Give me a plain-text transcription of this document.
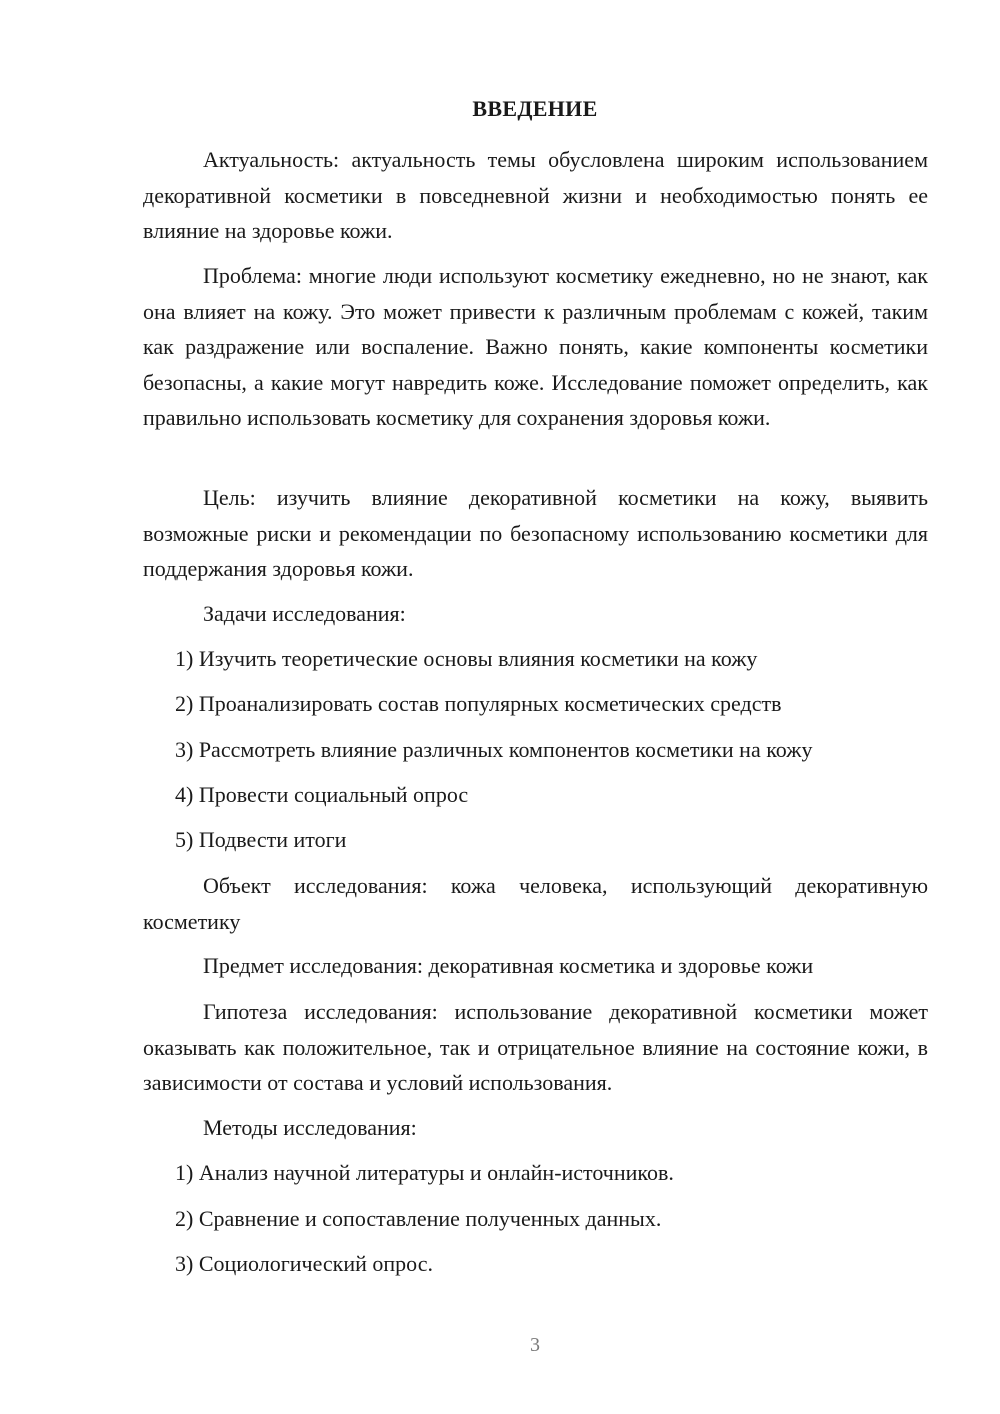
ВВЕДЕНИЕ

Актуальность: актуальность темы обусловлена широким использованием декоративной косметики в повседневной жизни и необходимостью понять ее влияние на здоровье кожи.

Проблема: многие люди используют косметику ежедневно, но не знают, как она влияет на кожу. Это может привести к различным проблемам с кожей, таким как раздражение или воспаление. Важно понять, какие компоненты косметики безопасны, а какие могут навредить коже. Исследование поможет определить, как правильно использовать косметику для сохранения здоровья кожи.

Цель: изучить влияние декоративной косметики на кожу, выявить возможные риски и рекомендации по безопасному использованию косметики для поддержания здоровья кожи.

Задачи исследования:

1) Изучить теоретические основы влияния косметики на кожу

2) Проанализировать состав популярных косметических средств

3) Рассмотреть влияние различных компонентов косметики на кожу

4) Провести социальный опрос

5) Подвести итоги

Объект исследования: кожа человека, использующий декоративную косметику

Предмет исследования: декоративная косметика и здоровье кожи

Гипотеза исследования: использование декоративной косметики может оказывать как положительное, так и отрицательное влияние на состояние кожи, в зависимости от состава и условий использования.

Методы исследования:

1) Анализ научной литературы и онлайн-источников.

2) Сравнение и сопоставление полученных данных.

3) Социологический опрос.

3
